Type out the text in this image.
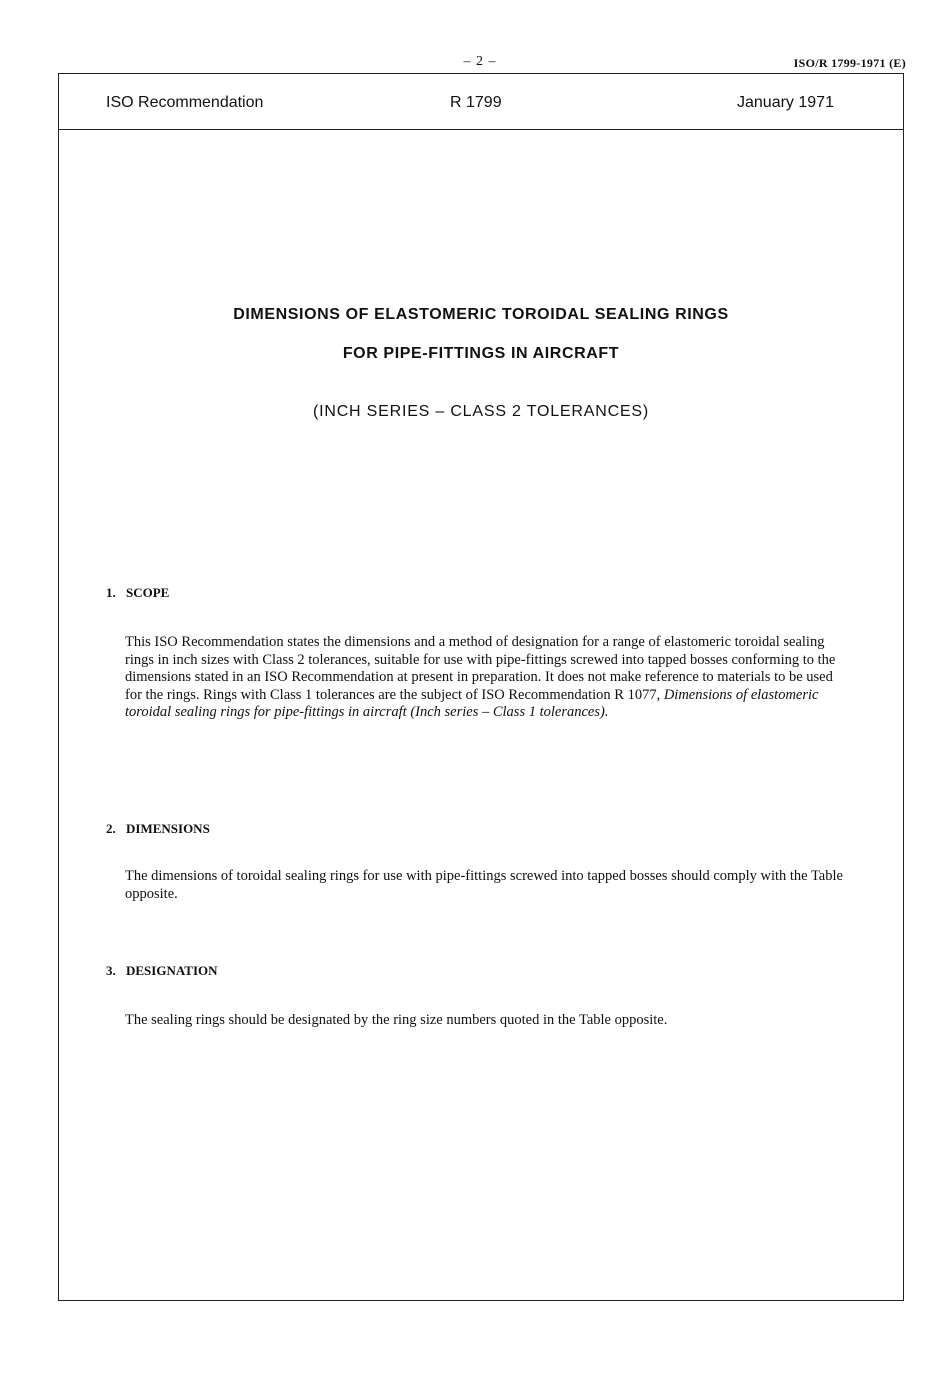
– 2 –	ISO/R 1799-1971 (E)
ISO Recommendation	R 1799	January 1971
DIMENSIONS OF ELASTOMERIC TOROIDAL SEALING RINGS
FOR PIPE-FITTINGS IN AIRCRAFT
(INCH SERIES – CLASS 2 TOLERANCES)
1. SCOPE
This ISO Recommendation states the dimensions and a method of designation for a range of elastomeric toroidal sealing rings in inch sizes with Class 2 tolerances, suitable for use with pipe-fittings screwed into tapped bosses conforming to the dimensions stated in an ISO Recommendation at present in preparation. It does not make reference to materials to be used for the rings. Rings with Class 1 tolerances are the subject of ISO Recommendation R 1077, Dimensions of elastomeric toroidal sealing rings for pipe-fittings in aircraft (Inch series – Class 1 tolerances).
2. DIMENSIONS
The dimensions of toroidal sealing rings for use with pipe-fittings screwed into tapped bosses should comply with the Table opposite.
3. DESIGNATION
The sealing rings should be designated by the ring size numbers quoted in the Table opposite.
